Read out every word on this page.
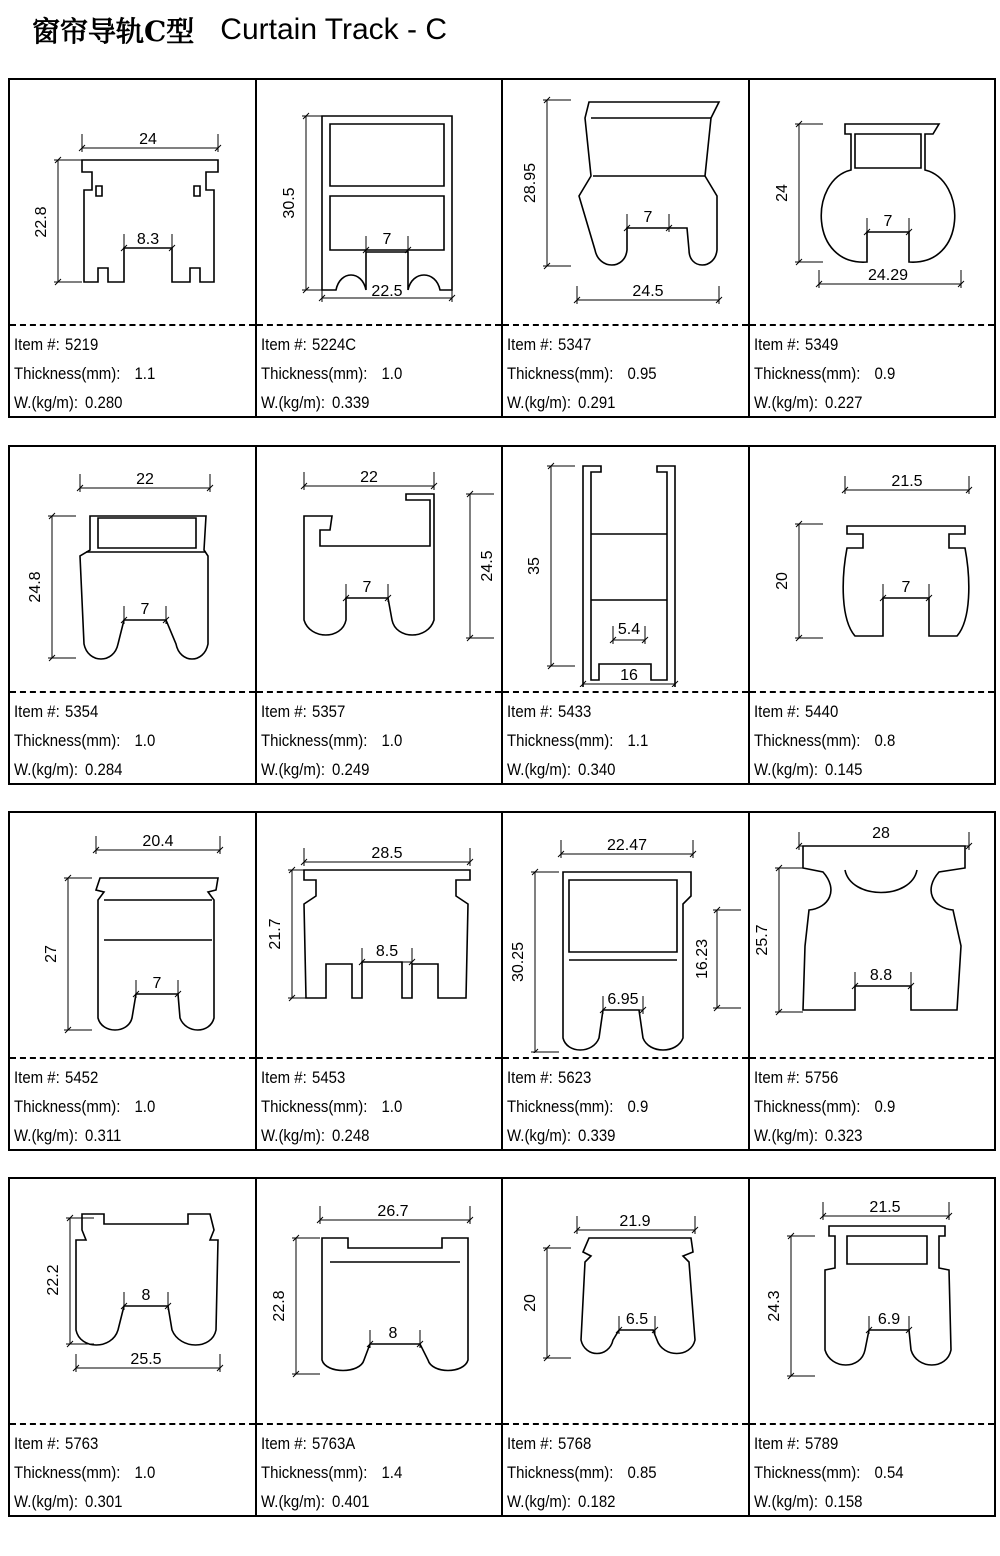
窗帘导轨C型 Curtain Track - C
24
22.8
8.3
Item #: 5219
Thickness(mm): 1.1
W.(kg/m): 0.280
30.5
7
22.5
Item #: 5224C
Thickness(mm): 1.0
W.(kg/m): 0.339
28.95
7
24.5
Item #: 5347
Thickness(mm): 0.95
W.(kg/m): 0.291
24
7
24.29
Item #: 5349
Thickness(mm): 0.9
W.(kg/m): 0.227
22
24.8
7
Item #: 5354
Thickness(mm): 1.0
W.(kg/m): 0.284
22
24.5
7
Item #: 5357
Thickness(mm): 1.0
W.(kg/m): 0.249
35
5.4
16
Item #: 5433
Thickness(mm): 1.1
W.(kg/m): 0.340
21.5
20	7
Item #: 5440
Thickness(mm): 0.8
W.(kg/m): 0.145
20.4
27
7
Item #: 5452
Thickness(mm): 1.0
W.(kg/m): 0.311
28.5
21.7
8.5
Item #: 5453
Thickness(mm): 1.0
W.(kg/m): 0.248
22.47
30.25	16.23
6.95
Item #: 5623
Thickness(mm): 0.9
W.(kg/m): 0.339
28
25.7
8.8
Item #: 5756
Thickness(mm): 0.9
W.(kg/m): 0.323
22.2
8
25.5
Item #: 5763
Thickness(mm): 1.0
W.(kg/m): 0.301
26.7
22.8
8
Item #: 5763A
Thickness(mm): 1.4
W.(kg/m): 0.401
21.9
20
6.5
Item #: 5768
Thickness(mm): 0.85
W.(kg/m): 0.182
21.5
24.3	6.9
Item #: 5789
Thickness(mm): 0.54
W.(kg/m): 0.158
